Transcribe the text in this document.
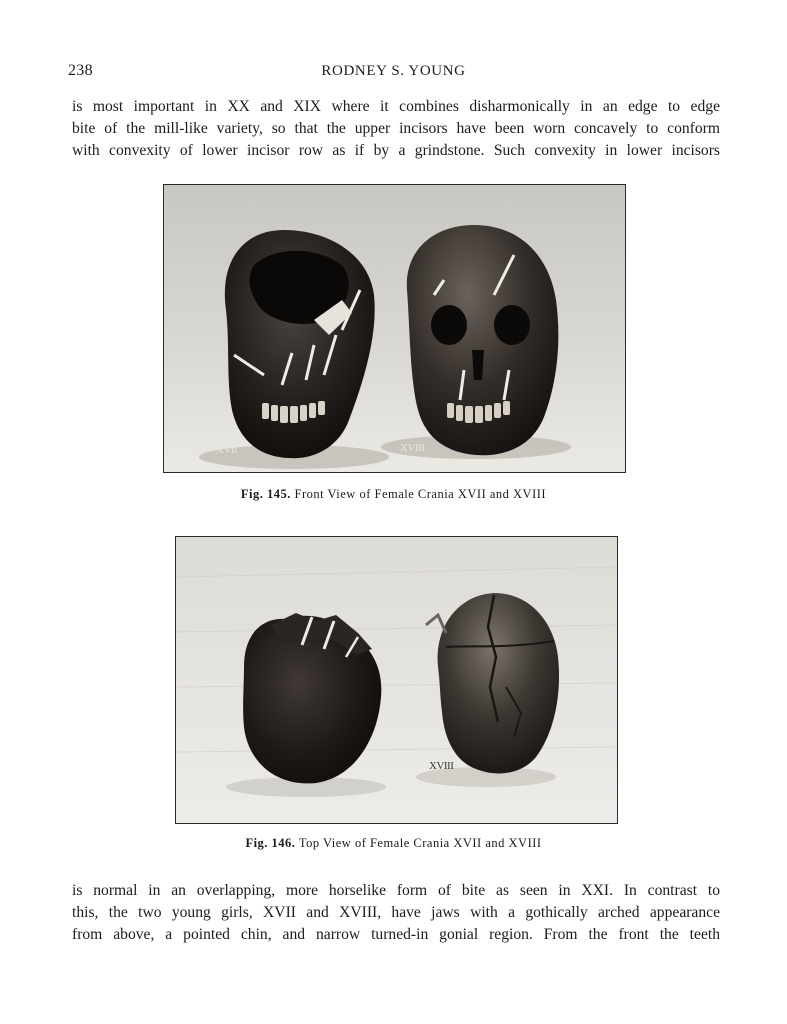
238	RODNEY S. YOUNG

is most important in XX and XIX where it combines disharmonically in an edge to edge
bite of the mill-like variety, so that the upper incisors have been worn concavely to conform
with convexity of lower incisor row as if by a grindstone. Such convexity in lower incisors

XVII	XVIII
Fig. 145. Front View of Female Crania XVII and XVIII
XVII
XVIII
Fig. 146. Top View of Female Crania XVII and XVIII

is normal in an overlapping, more horselike form of bite as seen in XXI. In contrast to
this, the two young girls, XVII and XVIII, have jaws with a gothically arched appearance
from above, a pointed chin, and narrow turned-in gonial region. From the front the teeth
